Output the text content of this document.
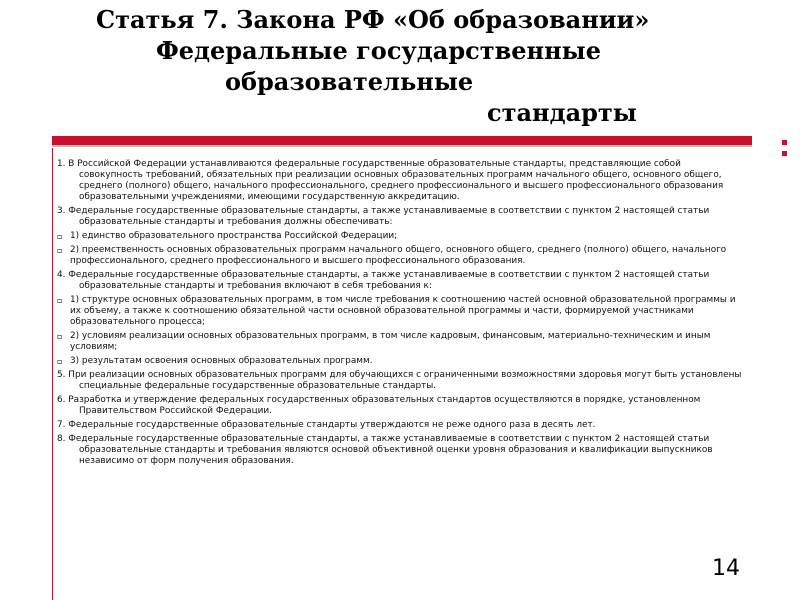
Статья 7. Закона РФ «Об образовании»
Федеральные государственные
образовательные
стандарты

1. В Российской Федерации устанавливаются федеральные государственные образовательные стандарты, представляющие собой совокупность требований, обязательных при реализации основных образовательных программ начального общего, основного общего, среднего (полного) общего, начального профессионального, среднего профессионального и высшего профессионального образования образовательными учреждениями, имеющими государственную аккредитацию.

3. Федеральные государственные образовательные стандарты, а также устанавливаемые в соответствии с пунктом 2 настоящей статьи образовательные стандарты и требования должны обеспечивать:

▫ 1) единство образовательного пространства Российской Федерации;
▫ 2) преемственность основных образовательных программ начального общего, основного общего, среднего (полного) общего, начального профессионального, среднего профессионального и высшего профессионального образования.

4. Федеральные государственные образовательные стандарты, а также устанавливаемые в соответствии с пунктом 2 настоящей статьи образовательные стандарты и требования включают в себя требования к:

▫ 1) структуре основных образовательных программ, в том числе требования к соотношению частей основной образовательной программы и их объему, а также к соотношению обязательной части основной образовательной программы и части, формируемой участниками образовательного процесса;
▫ 2) условиям реализации основных образовательных программ, в том числе кадровым, финансовым, материально-техническим и иным условиям;
▫ 3) результатам освоения основных образовательных программ.

5. При реализации основных образовательных программ для обучающихся с ограниченными возможностями здоровья могут быть установлены специальные федеральные государственные образовательные стандарты.

6. Разработка и утверждение федеральных государственных образовательных стандартов осуществляются в порядке, установленном Правительством Российской Федерации.

7. Федеральные государственные образовательные стандарты утверждаются не реже одного раза в десять лет.

8. Федеральные государственные образовательные стандарты, а также устанавливаемые в соответствии с пунктом 2 настоящей статьи образовательные стандарты и требования являются основой объективной оценки уровня образования и квалификации выпускников независимо от форм получения образования.

14
